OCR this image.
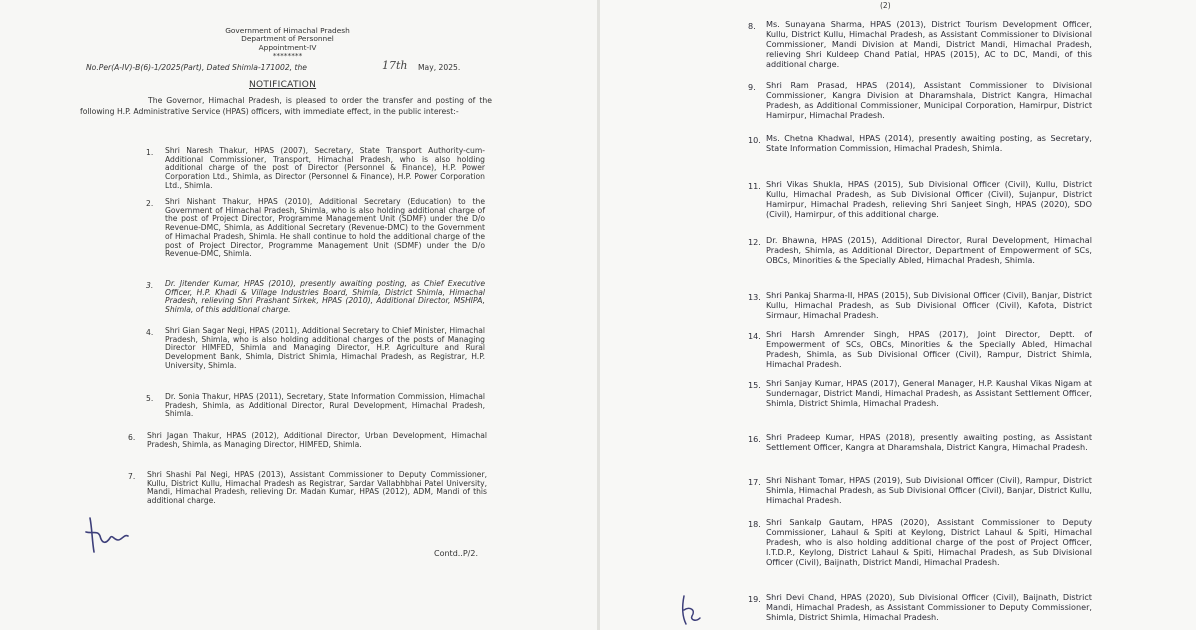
Government of Himachal Pradesh
Department of Personnel
Appointment-IV
********
No.Per(A-IV)-B(6)-1/2025(Part), Dated Shimla-171002, the	17th May, 2025.
NOTIFICATION
The Governor, Himachal Pradesh, is pleased to order the transfer and posting of the following H.P. Administrative Service (HPAS) officers, with immediate effect, in the public interest:-
1. Shri Naresh Thakur, HPAS (2007), Secretary, State Transport Authority-cum-Additional Commissioner, Transport, Himachal Pradesh, who is also holding additional charge of the post of Director (Personnel & Finance), H.P. Power Corporation Ltd., Shimla, as Director (Personnel & Finance), H.P. Power Corporation Ltd., Shimla.
2. Shri Nishant Thakur, HPAS (2010), Additional Secretary (Education) to the Government of Himachal Pradesh, Shimla, who is also holding additional charge of the post of Project Director, Programme Management Unit (SDMF) under the D/o Revenue-DMC, Shimla, as Additional Secretary (Revenue-DMC) to the Government of Himachal Pradesh, Shimla. He shall continue to hold the additional charge of the post of Project Director, Programme Management Unit (SDMF) under the D/o Revenue-DMC, Shimla.
3. Dr. Jitender Kumar, HPAS (2010), presently awaiting posting, as Chief Executive Officer, H.P. Khadi & Village Industries Board, Shimla, District Shimla, Himachal Pradesh, relieving Shri Prashant Sirkek, HPAS (2010), Additional Director, MSHIPA, Shimla, of this additional charge.
4. Shri Gian Sagar Negi, HPAS (2011), Additional Secretary to Chief Minister, Himachal Pradesh, Shimla, who is also holding additional charges of the posts of Managing Director HIMFED, Shimla and Managing Director, H.P. Agriculture and Rural Development Bank, Shimla, District Shimla, Himachal Pradesh, as Registrar, H.P. University, Shimla.
5. Dr. Sonia Thakur, HPAS (2011), Secretary, State Information Commission, Himachal Pradesh, Shimla, as Additional Director, Rural Development, Himachal Pradesh, Shimla.
6. Shri Jagan Thakur, HPAS (2012), Additional Director, Urban Development, Himachal Pradesh, Shimla, as Managing Director, HIMFED, Shimla.
7. Shri Shashi Pal Negi, HPAS (2013), Assistant Commissioner to Deputy Commissioner, Kullu, District Kullu, Himachal Pradesh as Registrar, Sardar Vallabhbhai Patel University, Mandi, Himachal Pradesh, relieving Dr. Madan Kumar, HPAS (2012), ADM, Mandi of this additional charge.
Contd..P/2.
(2)
8. Ms. Sunayana Sharma, HPAS (2013), District Tourism Development Officer, Kullu, District Kullu, Himachal Pradesh, as Assistant Commissioner to Divisional Commissioner, Mandi Division at Mandi, District Mandi, Himachal Pradesh, relieving Shri Kuldeep Chand Patial, HPAS (2015), AC to DC, Mandi, of this additional charge.
9. Shri Ram Prasad, HPAS (2014), Assistant Commissioner to Divisional Commissioner, Kangra Division at Dharamshala, District Kangra, Himachal Pradesh, as Additional Commissioner, Municipal Corporation, Hamirpur, District Hamirpur, Himachal Pradesh.
10. Ms. Chetna Khadwal, HPAS (2014), presently awaiting posting, as Secretary, State Information Commission, Himachal Pradesh, Shimla.
11. Shri Vikas Shukla, HPAS (2015), Sub Divisional Officer (Civil), Kullu, District Kullu, Himachal Pradesh, as Sub Divisional Officer (Civil), Sujanpur, District Hamirpur, Himachal Pradesh, relieving Shri Sanjeet Singh, HPAS (2020), SDO (Civil), Hamirpur, of this additional charge.
12. Dr. Bhawna, HPAS (2015), Additional Director, Rural Development, Himachal Pradesh, Shimla, as Additional Director, Department of Empowerment of SCs, OBCs, Minorities & the Specially Abled, Himachal Pradesh, Shimla.
13. Shri Pankaj Sharma-II, HPAS (2015), Sub Divisional Officer (Civil), Banjar, District Kullu, Himachal Pradesh, as Sub Divisional Officer (Civil), Kafota, District Sirmaur, Himachal Pradesh.
14. Shri Harsh Amrender Singh, HPAS (2017), Joint Director, Deptt. of Empowerment of SCs, OBCs, Minorities & the Specially Abled, Himachal Pradesh, Shimla, as Sub Divisional Officer (Civil), Rampur, District Shimla, Himachal Pradesh.
15. Shri Sanjay Kumar, HPAS (2017), General Manager, H.P. Kaushal Vikas Nigam at Sundernagar, District Mandi, Himachal Pradesh, as Assistant Settlement Officer, Shimla, District Shimla, Himachal Pradesh.
16. Shri Pradeep Kumar, HPAS (2018), presently awaiting posting, as Assistant Settlement Officer, Kangra at Dharamshala, District Kangra, Himachal Pradesh.
17. Shri Nishant Tomar, HPAS (2019), Sub Divisional Officer (Civil), Rampur, District Shimla, Himachal Pradesh, as Sub Divisional Officer (Civil), Banjar, District Kullu, Himachal Pradesh.
18. Shri Sankalp Gautam, HPAS (2020), Assistant Commissioner to Deputy Commissioner, Lahaul & Spiti at Keylong, District Lahaul & Spiti, Himachal Pradesh, who is also holding additional charge of the post of Project Officer, I.T.D.P., Keylong, District Lahaul & Spiti, Himachal Pradesh, as Sub Divisional Officer (Civil), Baijnath, District Mandi, Himachal Pradesh.
19. Shri Devi Chand, HPAS (2020), Sub Divisional Officer (Civil), Baijnath, District Mandi, Himachal Pradesh, as Assistant Commissioner to Deputy Commissioner, Shimla, District Shimla, Himachal Pradesh.
